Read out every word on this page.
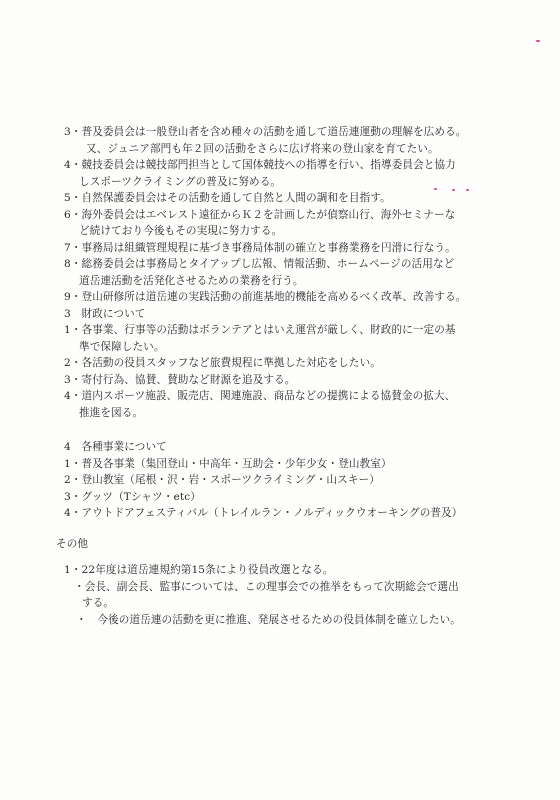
3・普及委員会は一般登山者を含め種々の活動を通して道岳連運動の理解を広める。
又、ジュニア部門も年２回の活動をさらに広げ将来の登山家を育てたい。
4・競技委員会は競技部門担当として国体競技への指導を行い、指導委員会と協力
しスポーツクライミングの普及に努める。
5・自然保護委員会はその活動を通して自然と人間の調和を目指す。
6・海外委員会はエベレスト遠征からＫ２を計画したが偵察山行、海外セミナーな
ど続けており今後もその実現に努力する。
7・事務局は組織管理規程に基づき事務局体制の確立と事務業務を円滑に行なう。
8・総務委員会は事務局とタイアップし広報、情報活動、ホームページの活用など
道岳連活動を活発化させるための業務を行う。
9・登山研修所は道岳連の実践活動の前進基地的機能を高めるべく改革、改善する。
3　財政について
1・各事業、行事等の活動はボランテアとはいえ運営が厳しく、財政的に一定の基
準で保障したい。
2・各活動の役員スタッフなど旅費規程に準拠した対応をしたい。
3・寄付行為、協賛、賛助など財源を追及する。
4・道内スポーツ施設、販売店、関連施設、商品などの提携による協賛金の拡大、
推進を図る。
4　各種事業について
1・普及各事業（集団登山・中高年・互助会・少年少女・登山教室）
2・登山教室（尾根・沢・岩・スポーツクライミング・山スキー）
3・グッツ（Tシャツ・etc）
4・アウトドアフェスティバル（トレイルラン・ノルディックウオーキングの普及）
その他
1・22年度は道岳連規約第15条により役員改選となる。
・会長、副会長、監事については、この理事会での推挙をもって次期総会で選出
する。
・　今後の道岳連の活動を更に推進、発展させるための役員体制を確立したい。
